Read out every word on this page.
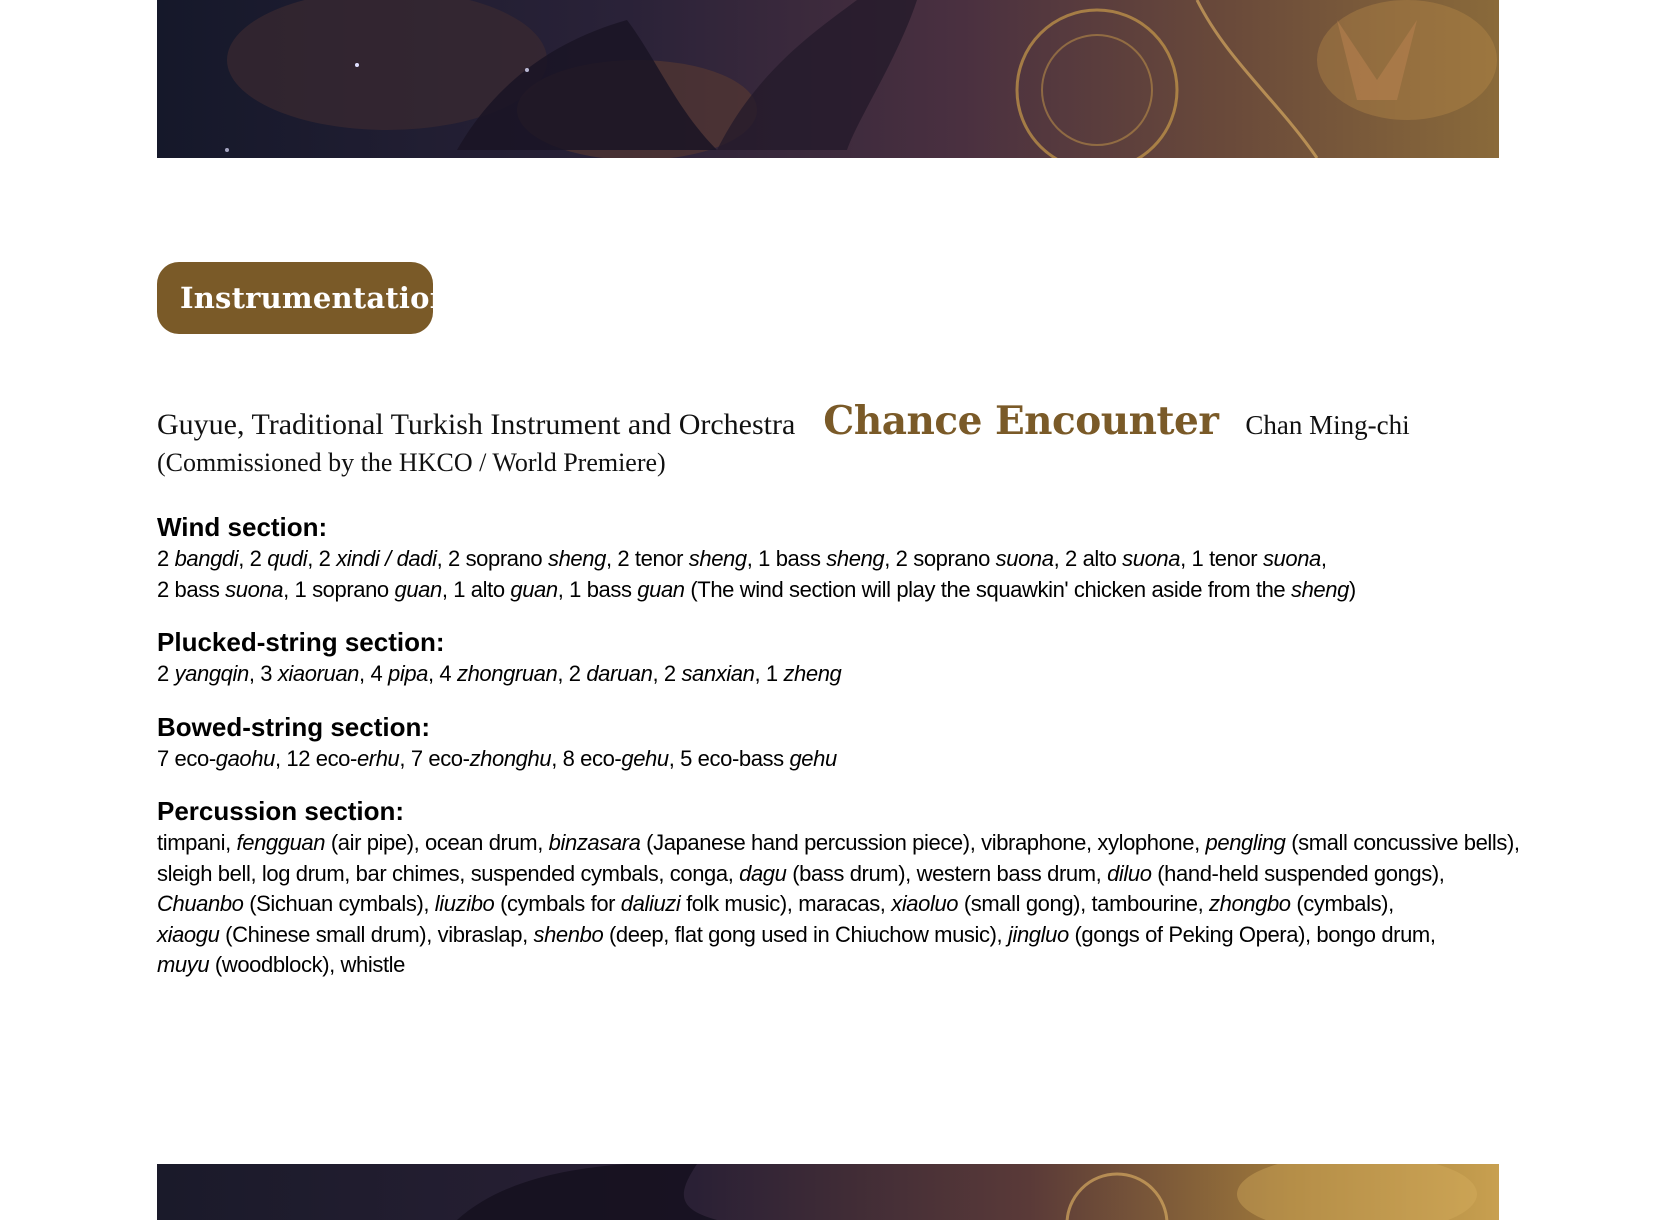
Instrumentation
Guyue, Traditional Turkish Instrument and Orchestra Chance Encounter Chan Ming-chi
(Commissioned by the HKCO / World Premiere)
Wind section:
2 bangdi, 2 qudi, 2 xindi / dadi, 2 soprano sheng, 2 tenor sheng, 1 bass sheng, 2 soprano suona, 2 alto suona, 1 tenor suona,
2 bass suona, 1 soprano guan, 1 alto guan, 1 bass guan (The wind section will play the squawkin' chicken aside from the sheng)
Plucked-string section:
2 yangqin, 3 xiaoruan, 4 pipa, 4 zhongruan, 2 daruan, 2 sanxian, 1 zheng
Bowed-string section:
7 eco-gaohu, 12 eco-erhu, 7 eco-zhonghu, 8 eco-gehu, 5 eco-bass gehu
Percussion section:
timpani, fengguan (air pipe), ocean drum, binzasara (Japanese hand percussion piece), vibraphone, xylophone, pengling (small concussive bells),
sleigh bell, log drum, bar chimes, suspended cymbals, conga, dagu (bass drum), western bass drum, diluo (hand-held suspended gongs),
Chuanbo (Sichuan cymbals), liuzibo (cymbals for daliuzi folk music), maracas, xiaoluo (small gong), tambourine, zhongbo (cymbals),
xiaogu (Chinese small drum), vibraslap, shenbo (deep, flat gong used in Chiuchow music), jingluo (gongs of Peking Opera), bongo drum,
muyu (woodblock), whistle
